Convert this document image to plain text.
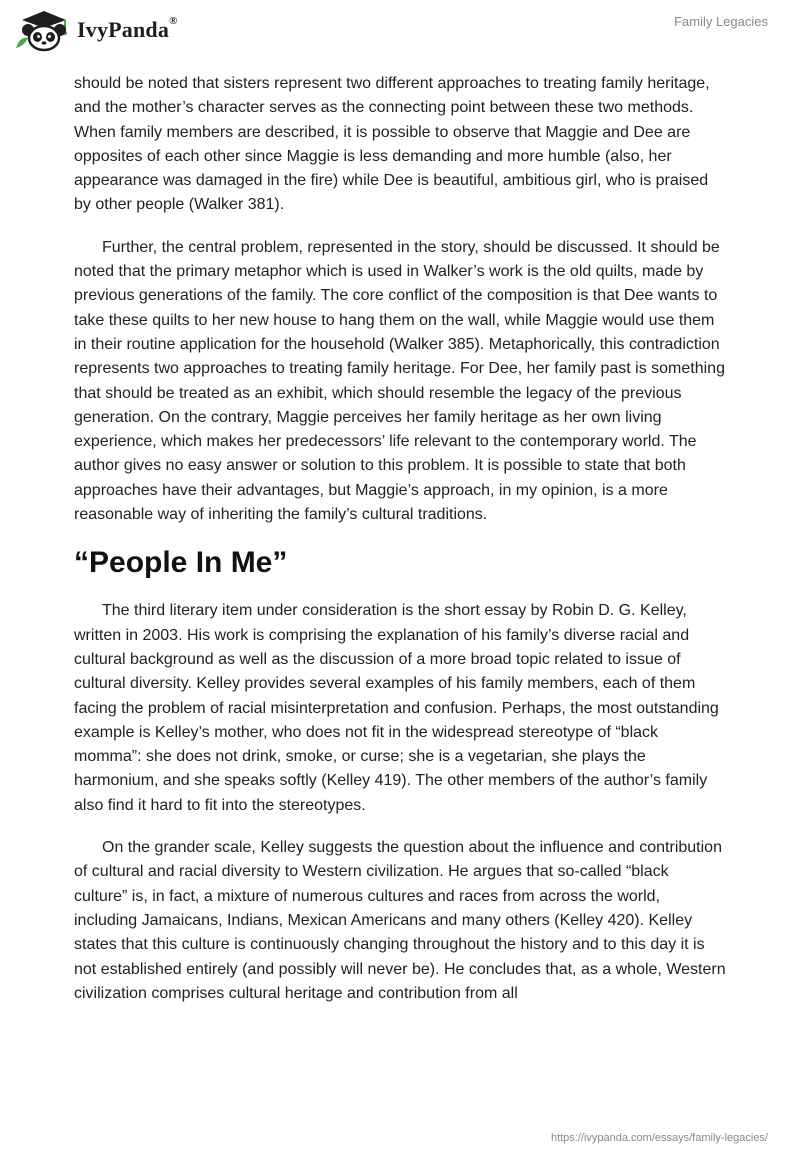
IvyPanda®	Family Legacies

should be noted that sisters represent two different approaches to treating family heritage, and the mother’s character serves as the connecting point between these two methods. When family members are described, it is possible to observe that Maggie and Dee are opposites of each other since Maggie is less demanding and more humble (also, her appearance was damaged in the fire) while Dee is beautiful, ambitious girl, who is praised by other people (Walker 381).

Further, the central problem, represented in the story, should be discussed. It should be noted that the primary metaphor which is used in Walker’s work is the old quilts, made by previous generations of the family. The core conflict of the composition is that Dee wants to take these quilts to her new house to hang them on the wall, while Maggie would use them in their routine application for the household (Walker 385). Metaphorically, this contradiction represents two approaches to treating family heritage. For Dee, her family past is something that should be treated as an exhibit, which should resemble the legacy of the previous generation. On the contrary, Maggie perceives her family heritage as her own living experience, which makes her predecessors’ life relevant to the contemporary world. The author gives no easy answer or solution to this problem. It is possible to state that both approaches have their advantages, but Maggie’s approach, in my opinion, is a more reasonable way of inheriting the family’s cultural traditions.

“People In Me”

The third literary item under consideration is the short essay by Robin D. G. Kelley, written in 2003. His work is comprising the explanation of his family’s diverse racial and cultural background as well as the discussion of a more broad topic related to issue of cultural diversity. Kelley provides several examples of his family members, each of them facing the problem of racial misinterpretation and confusion. Perhaps, the most outstanding example is Kelley’s mother, who does not fit in the widespread stereotype of “black momma”: she does not drink, smoke, or curse; she is a vegetarian, she plays the harmonium, and she speaks softly (Kelley 419). The other members of the author’s family also find it hard to fit into the stereotypes.

On the grander scale, Kelley suggests the question about the influence and contribution of cultural and racial diversity to Western civilization. He argues that so-called “black culture” is, in fact, a mixture of numerous cultures and races from across the world, including Jamaicans, Indians, Mexican Americans and many others (Kelley 420). Kelley states that this culture is continuously changing throughout the history and to this day it is not established entirely (and possibly will never be). He concludes that, as a whole, Western civilization comprises cultural heritage and contribution from all

https://ivypanda.com/essays/family-legacies/
